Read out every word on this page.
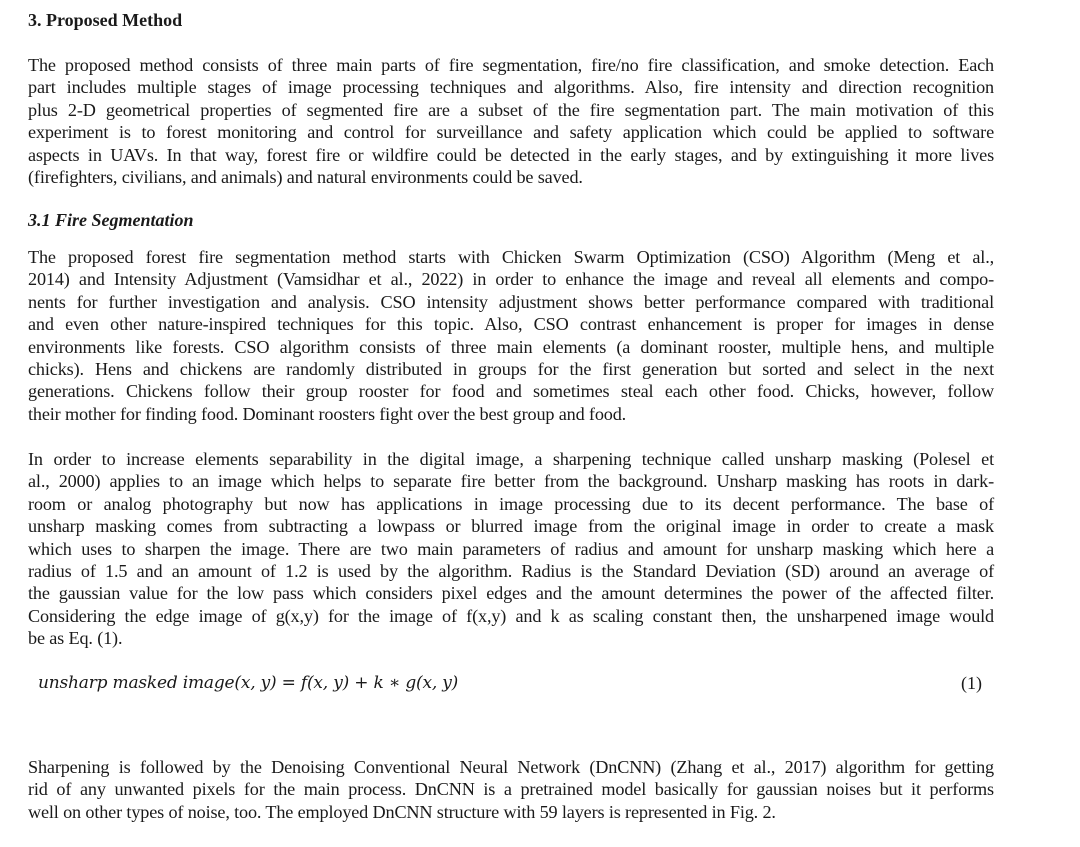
3. Proposed Method

The proposed method consists of three main parts of fire segmentation, fire/no fire classification, and smoke detection. Each
part includes multiple stages of image processing techniques and algorithms. Also, fire intensity and direction recognition
plus 2-D geometrical properties of segmented fire are a subset of the fire segmentation part. The main motivation of this
experiment is to forest monitoring and control for surveillance and safety application which could be applied to software
aspects in UAVs. In that way, forest fire or wildfire could be detected in the early stages, and by extinguishing it more lives
(firefighters, civilians, and animals) and natural environments could be saved.

3.1 Fire Segmentation

The proposed forest fire segmentation method starts with Chicken Swarm Optimization (CSO) Algorithm (Meng et al.,
2014) and Intensity Adjustment (Vamsidhar et al., 2022) in order to enhance the image and reveal all elements and compo-
nents for further investigation and analysis. CSO intensity adjustment shows better performance compared with traditional
and even other nature-inspired techniques for this topic. Also, CSO contrast enhancement is proper for images in dense
environments like forests. CSO algorithm consists of three main elements (a dominant rooster, multiple hens, and multiple
chicks). Hens and chickens are randomly distributed in groups for the first generation but sorted and select in the next
generations. Chickens follow their group rooster for food and sometimes steal each other food. Chicks, however, follow
their mother for finding food. Dominant roosters fight over the best group and food.

In order to increase elements separability in the digital image, a sharpening technique called unsharp masking (Polesel et
al., 2000) applies to an image which helps to separate fire better from the background. Unsharp masking has roots in dark-
room or analog photography but now has applications in image processing due to its decent performance. The base of
unsharp masking comes from subtracting a lowpass or blurred image from the original image in order to create a mask
which uses to sharpen the image. There are two main parameters of radius and amount for unsharp masking which here a
radius of 1.5 and an amount of 1.2 is used by the algorithm. Radius is the Standard Deviation (SD) around an average of
the gaussian value for the low pass which considers pixel edges and the amount determines the power of the affected filter.
Considering the edge image of g(x,y) for the image of f(x,y) and k as scaling constant then, the unsharpened image would
be as Eq. (1).

unsharp masked image(x, y) = f(x, y) + k ∗ g(x, y)	(1)

Sharpening is followed by the Denoising Conventional Neural Network (DnCNN) (Zhang et al., 2017) algorithm for getting
rid of any unwanted pixels for the main process. DnCNN is a pretrained model basically for gaussian noises but it performs
well on other types of noise, too. The employed DnCNN structure with 59 layers is represented in Fig. 2.
